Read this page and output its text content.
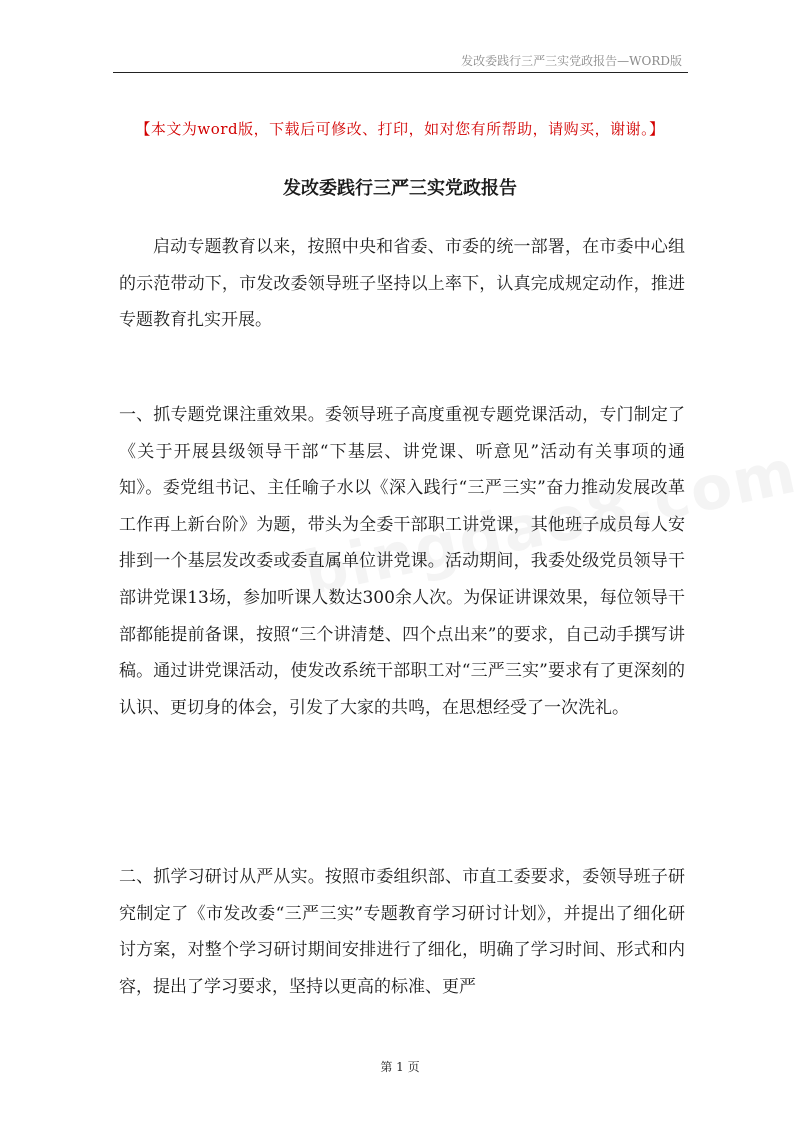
发改委践行三严三实党政报告—WORD版
【本文为word版，下载后可修改、打印，如对您有所帮助，请购买，谢谢。】
发改委践行三严三实党政报告
启动专题教育以来，按照中央和省委、市委的统一部署，在市委中心组的示范带动下，市发改委领导班子坚持以上率下，认真完成规定动作，推进专题教育扎实开展。
一、抓专题党课注重效果。委领导班子高度重视专题党课活动，专门制定了《关于开展县级领导干部“下基层、讲党课、听意见”活动有关事项的通知》。委党组书记、主任喻子水以《深入践行“三严三实”奋力推动发展改革工作再上新台阶》为题，带头为全委干部职工讲党课，其他班子成员每人安排到一个基层发改委或委直属单位讲党课。活动期间，我委处级党员领导干部讲党课13场，参加听课人数达300余人次。为保证讲课效果，每位领导干部都能提前备课，按照“三个讲清楚、四个点出来”的要求，自己动手撰写讲稿。通过讲党课活动，使发改系统干部职工对“三严三实”要求有了更深刻的认识、更切身的体会，引发了大家的共鸣，在思想经受了一次洗礼。
二、抓学习研讨从严从实。按照市委组织部、市直工委要求，委领导班子研究制定了《市发改委“三严三实”专题教育学习研讨计划》，并提出了细化研讨方案，对整个学习研讨期间安排进行了细化，明确了学习时间、形式和内容，提出了学习要求，坚持以更高的标准、更严
第 1 页
